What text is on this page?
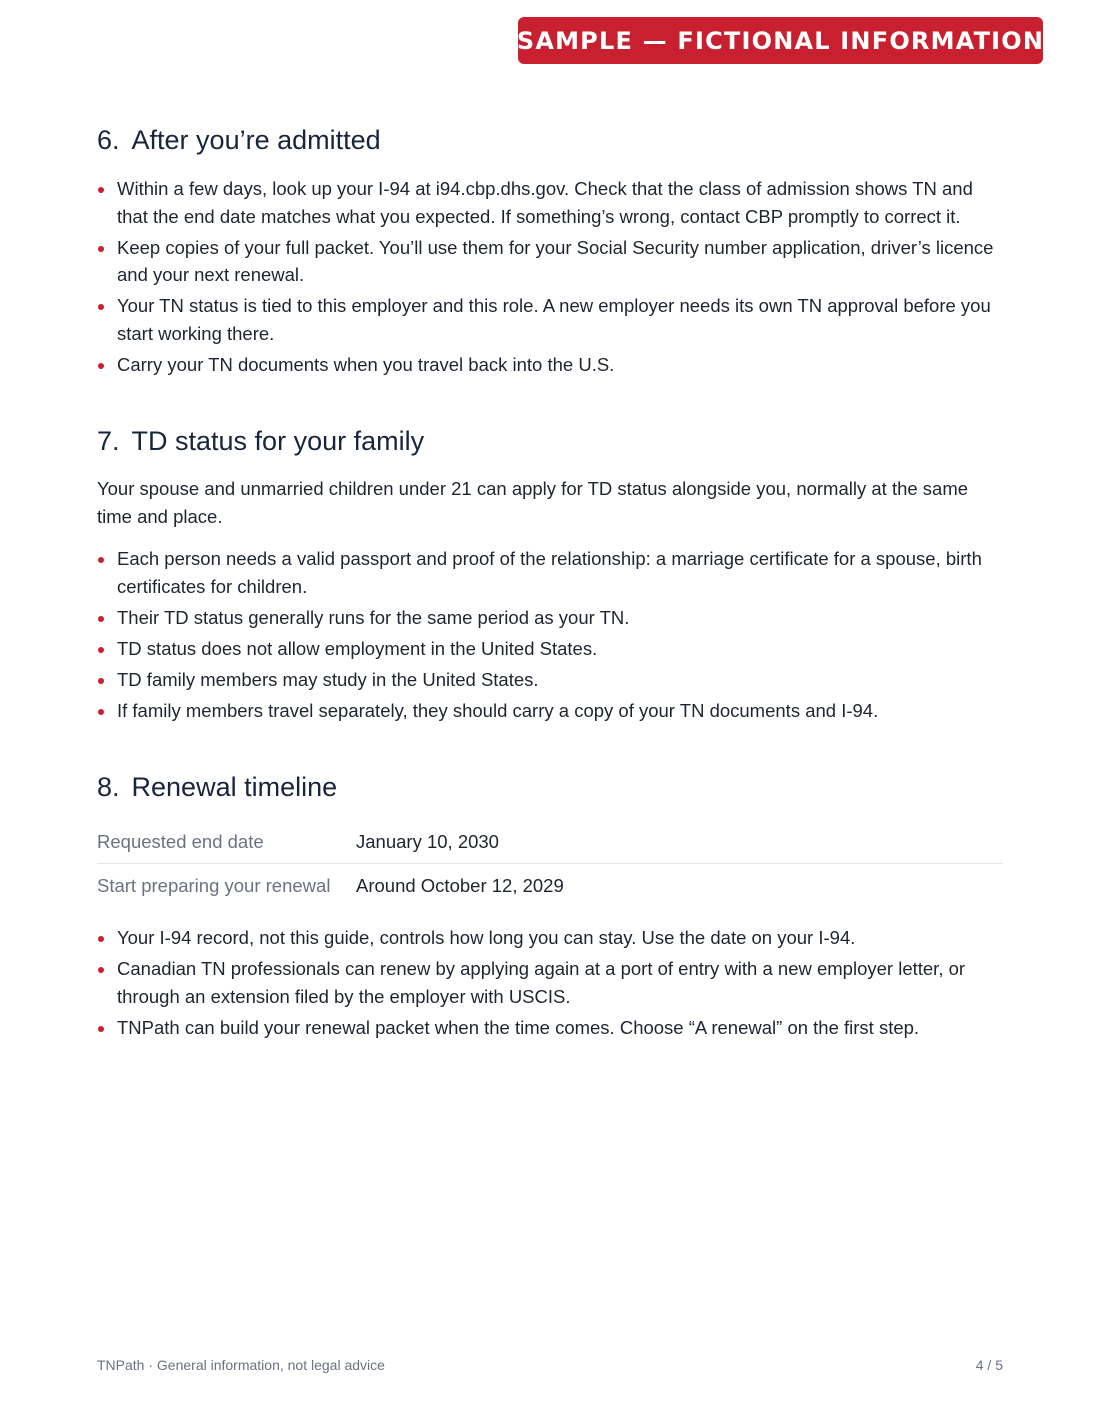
SAMPLE — FICTIONAL INFORMATION
6. After you’re admitted
Within a few days, look up your I-94 at i94.cbp.dhs.gov. Check that the class of admission shows TN and that the end date matches what you expected. If something’s wrong, contact CBP promptly to correct it.
Keep copies of your full packet. You’ll use them for your Social Security number application, driver’s licence and your next renewal.
Your TN status is tied to this employer and this role. A new employer needs its own TN approval before you start working there.
Carry your TN documents when you travel back into the U.S.
7. TD status for your family

Your spouse and unmarried children under 21 can apply for TD status alongside you, normally at the same time and place.

Each person needs a valid passport and proof of the relationship: a marriage certificate for a spouse, birth certificates for children.
Their TD status generally runs for the same period as your TN.
TD status does not allow employment in the United States.
TD family members may study in the United States.
If family members travel separately, they should carry a copy of your TN documents and I-94.
8. Renewal timeline
Requested end date	January 10, 2030
Start preparing your renewal	Around October 12, 2029
Your I-94 record, not this guide, controls how long you can stay. Use the date on your I-94.
Canadian TN professionals can renew by applying again at a port of entry with a new employer letter, or through an extension filed by the employer with USCIS.
TNPath can build your renewal packet when the time comes. Choose “A renewal” on the first step.
TNPath · General information, not legal advice	4 / 5
